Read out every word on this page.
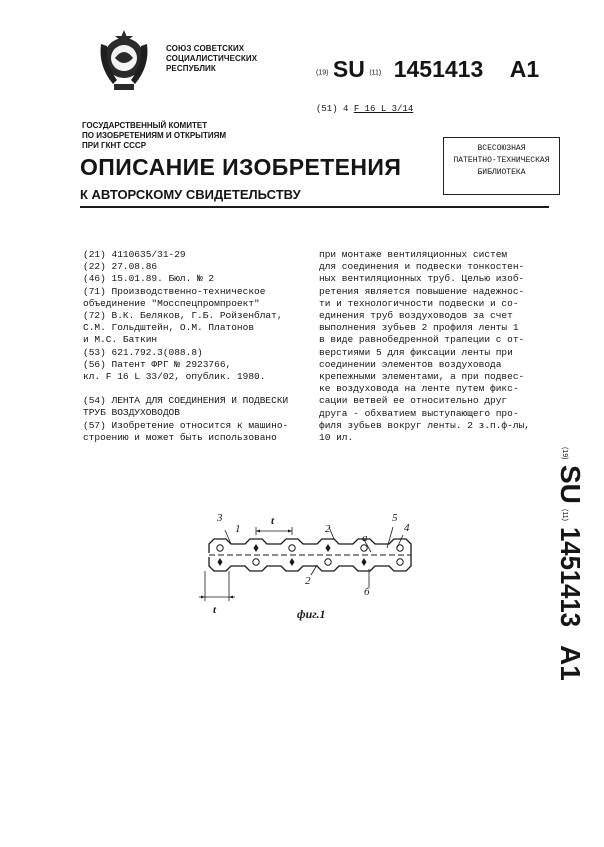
СОЮЗ СОВЕТСКИХ
СОЦИАЛИСТИЧЕСКИХ
РЕСПУБЛИК	(19) SU (11) 1451413 A1
(51) 4 F 16 L 3/14
ГОСУДАРСТВЕННЫЙ КОМИТЕТ
ПО ИЗОБРЕТЕНИЯМ И ОТКРЫТИЯМ
ПРИ ГКНТ СССР	ВСЕСОЮЗНАЯ
ПАТЕНТНО-ТЕХНИЧЕСКАЯ
БИБЛИОТЕКА
ОПИСАНИЕ ИЗОБРЕТЕНИЯ
К АВТОРСКОМУ СВИДЕТЕЛЬСТВУ
(21) 4110635/31-29
(22) 27.08.86
(46) 15.01.89. Бюл. № 2
(71) Производственно-техническое
объединение "Мосспецпромпроект"
(72) В.К. Беляков, Г.Б. Ройзенблат,
С.М. Гольдштейн, О.М. Платонов
и М.С. Баткин
(53) 621.792.3(088.8)
(56) Патент ФРГ № 2923766,
кл. F 16 L 33/02, опублик. 1980.
(54) ЛЕНТА ДЛЯ СОЕДИНЕНИЯ И ПОДВЕСКИ
ТРУБ ВОЗДУХОВОДОВ
(57) Изобретение относится к машино-
строению и может быть использовано
при монтаже вентиляционных систем
для соединения и подвески тонкостен-
ных вентиляционных труб. Целью изоб-
ретения является повышение надежнос-
ти и технологичности подвески и со-
единения труб воздуховодов за счет
выполнения зубьев 2 профиля ленты 1
в виде равнобедренной трапеции с от-
верстиями 5 для фиксации ленты при
соединении элементов воздуховода
крепежными элементами, а при подвес-
ке воздуховода на ленте путем фикс-
сации ветвей ее относительно друг
друга - обхватием выступающего про-
филя зубьев вокруг ленты. 2 з.п.ф-лы,
10 ил.
(19)
SU
(11)
1451413
A1
3
1
t
2
a
5
4
2
б
t	фиг.1
